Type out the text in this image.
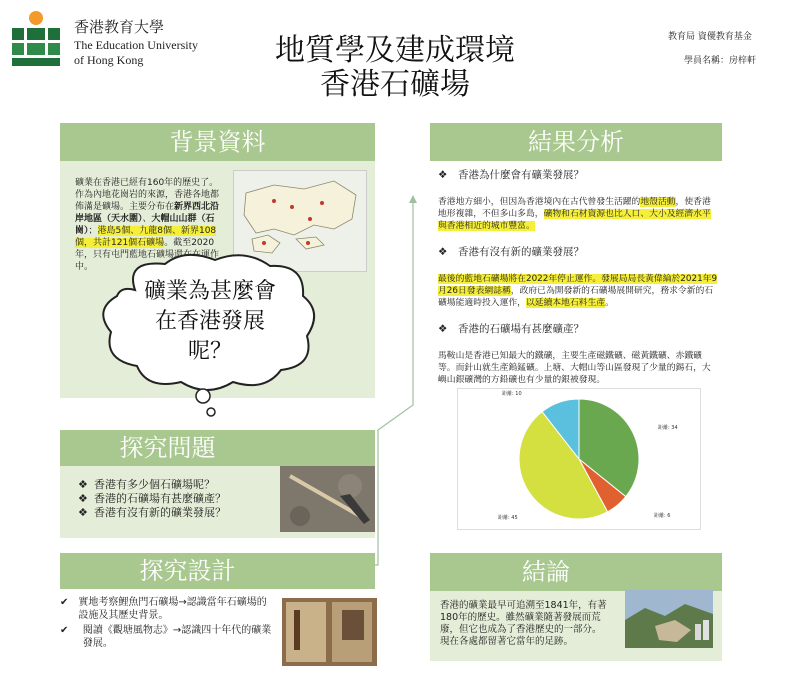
香港教育大學
The Education University
of Hong Kong	地質學及建成環境
香港石礦場
教育局 資優教育基金
學員名稱：房梓軒
背景資料
礦業在香港已經有160年的歷史了。作為內地花崗岩的來源，香港各地都佈滿是礦場。主要分布在新界西北沿岸地區（天水圍）、大帽山山群（石崗）；港島5個、九龍8個、新界108個，共計121個石礦場。截至2020年，只有屯門藍地石礦場還在在運作中。
礦業為甚麼會在香港發展呢？
探究問題
❖ 香港有多少個石礦場呢？
❖ 香港的石礦場有甚麼礦產？
❖ 香港有沒有新的礦業發展？
探究設計
✔ 實地考察鯉魚門石礦場→認識當年石礦場的設施及其歷史背景。
✔	閱讀《觀塘風物志》→認識四十年代的礦業發展。
結果分析
❖ 香港為什麼會有礦業發展？
香港地方細小，但因為香港境內在古代曾發生活躍的地殼活動，使香港地形複雜，不但多山多島，礦物和石材資源也比人口、大小及經濟水平與香港相近的城市豐富。
❖ 香港有沒有新的礦業發展？
最後的藍地石礦場將在2022年停止運作。發展局局長黃偉綸於2021年9月26日發表網誌稱，政府已為開發新的石礦場展開研究，務求令新的石礦場能適時投入運作，以延續本地石料生產。
❖ 香港的石礦場有甚麼礦產？
馬鞍山是香港已知最大的鐵礦，主要生產磁鐵礦、磁黃鐵礦、赤鐵礦等。而針山就生產鎢錳礦。上塘、大帽山等山區發現了少量的錫石，大嶼山銀礦灣的方鉛礦也有少量的銀被發現。
距離: 34
距離: 6
距離: 45
距離: 10
結論
香港的礦業最早可追溯至1841年，有著180年的歷史。雖然礦業隨著發展而荒廢，但它也成為了香港歷史的一部分。現在各處都留著它當年的足跡。
